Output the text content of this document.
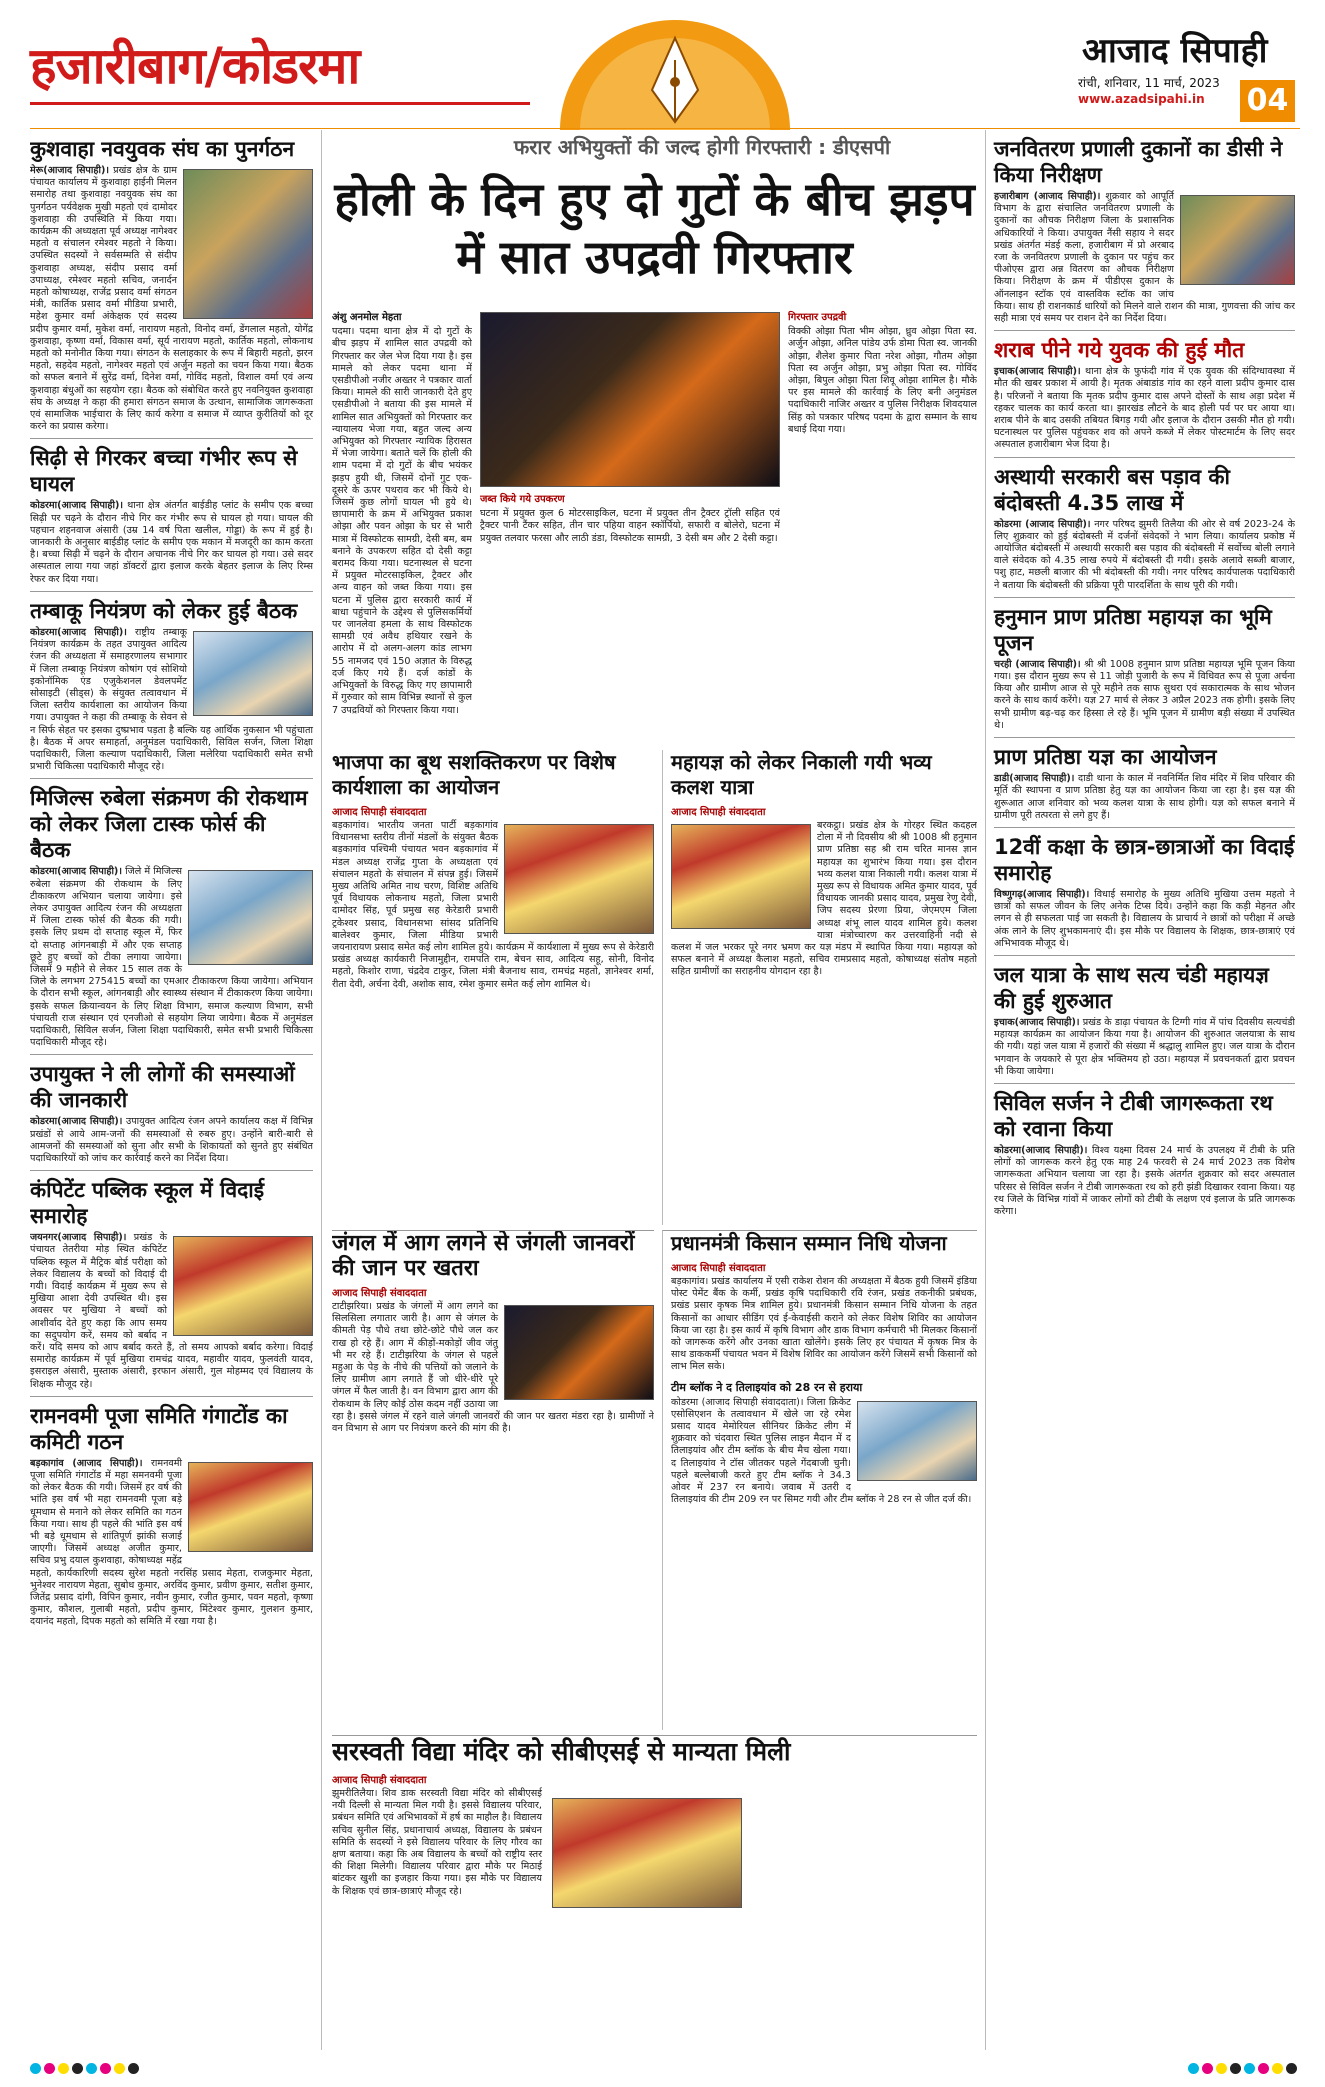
हजारीबाग/कोडरमा	आजाद सिपाही
रांची, शनिवार, 11 मार्च, 2023
www.azadsipahi.in 04
कुशवाहा नवयुवक संघ का पुनर्गठन

मेरू(आजाद सिपाही)। प्रखंड क्षेत्र के ग्राम पंचायत कार्यालय में कुशवाहा हाईनी मिलन समारोह तथा कुशवाहा नवयुवक संघ का पुनर्गठन पर्यवेक्षक मुखी महतो एवं दामोदर कुशवाहा की उपस्थिति में किया गया। कार्यक्रम की अध्यक्षता पूर्व अध्यक्ष नागेश्वर महतो व संचालन रमेश्वर महतो ने किया। उपस्थित सदस्यों ने सर्वसम्मति से संदीप कुशवाहा अध्यक्ष, संदीप प्रसाद वर्मा उपाध्यक्ष, रमेश्वर महतो सचिव, जनार्दन महतो कोषाध्यक्ष, राजेंद्र प्रसाद वर्मा संगठन मंत्री, कार्तिक प्रसाद वर्मा मीडिया प्रभारी, महेश कुमार वर्मा अंकेक्षक एवं सदस्य प्रदीप कुमार वर्मा, मुकेश वर्मा, नारायण महतो, विनोद वर्मा, डेंगलाल महतो, योगेंद्र कुशवाहा, कृष्णा वर्मा, विकास वर्मा, सूर्य नारायण महतो, कार्तिक महतो, लोकनाथ महतो को मनोनीत किया गया। संगठन के सलाहकार के रूप में बिहारी महतो, झरन महतो, सहदेव महतो, नागेश्वर महतो एवं अर्जुन महतो का चयन किया गया। बैठक को सफल बनाने में सुरेंद्र वर्मा, दिनेश वर्मा, गोविंद महतो, विशाल वर्मा एवं अन्य कुशवाहा बंधुओं का सहयोग रहा। बैठक को संबोधित करते हुए नवनियुक्त कुशवाहा संघ के अध्यक्ष ने कहा की हमारा संगठन समाज के उत्थान, सामाजिक जागरूकता एवं सामाजिक भाईचारा के लिए कार्य करेगा व समाज में व्याप्त कुरीतियों को दूर करने का प्रयास करेगा।

सिढ़ी से गिरकर बच्चा गंभीर रूप से घायल

कोडरमा(आजाद सिपाही)। थाना क्षेत्र अंतर्गत बाईडीह प्लांट के समीप एक बच्चा सिढ़ी पर चढ़ने के दौरान नीचे गिर कर गंभीर रूप से घायल हो गया। घायल की पहचान शहनवाज अंसारी (उम्र 14 वर्ष पिता खलील, गोड्डा) के रूप में हुई है। जानकारी के अनुसार बाईडीह प्लांट के समीप एक मकान में मजदूरी का काम करता है। बच्चा सिढ़ी में चढ़ने के दौरान अचानक नीचे गिर कर घायल हो गया। उसे सदर अस्पताल लाया गया जहां डॉक्टरों द्वारा इलाज करके बेहतर इलाज के लिए रिम्स रेफर कर दिया गया।

तम्बाकू नियंत्रण को लेकर हुई बैठक

कोडरमा(आजाद सिपाही)। राष्ट्रीय तम्बाकू नियंत्रण कार्यक्रम के तहत उपायुक्त आदित्य रंजन की अध्यक्षता में समाहरणालय सभागार में जिला तम्बाकू नियंत्रण कोषांग एवं सोशियो इकोनॉमिक एंड एजुकेशनल डेवलपमेंट सोसाइटी (सीड्स) के संयुक्त तत्वावधान में जिला स्तरीय कार्यशाला का आयोजन किया गया। उपायुक्त ने कहा की तम्बाकू के सेवन से न सिर्फ सेहत पर इसका दुष्प्रभाव पड़ता है बल्कि यह आर्थिक नुकसान भी पहुंचाता है। बैठक में अपर समाहर्ता, अनुमंडल पदाधिकारी, सिविल सर्जन, जिला शिक्षा पदाधिकारी, जिला कल्याण पदाधिकारी, जिला मलेरिया पदाधिकारी समेत सभी प्रभारी चिकित्सा पदाधिकारी मौजूद रहे।

मिजिल्स रुबेला संक्रमण की रोकथाम को लेकर जिला टास्क फोर्स की बैठक

कोडरमा(आजाद सिपाही)। जिले में मिजिल्स रुबेला संक्रमण की रोकथाम के लिए टीकाकरण अभियान चलाया जायेगा। इसे लेकर उपायुक्त आदित्य रंजन की अध्यक्षता में जिला टास्क फोर्स की बैठक की गयी। इसके लिए प्रथम दो सप्ताह स्कूल में, फिर दो सप्ताह आंगनबाड़ी में और एक सप्ताह छूटे हुए बच्चों को टीका लगाया जायेगा। जिसमें 9 महीने से लेकर 15 साल तक के जिले के लगभग 275415 बच्चों का एमआर टीकाकरण किया जायेगा। अभियान के दौरान सभी स्कूल, आंगनबाड़ी और स्वास्थ्य संस्थान में टीकाकरण किया जायेगा। इसके सफल क्रियान्वयन के लिए शिक्षा विभाग, समाज कल्याण विभाग, सभी पंचायती राज संस्थान एवं एनजीओ से सहयोग लिया जायेगा। बैठक में अनुमंडल पदाधिकारी, सिविल सर्जन, जिला शिक्षा पदाधिकारी, समेत सभी प्रभारी चिकित्सा पदाधिकारी मौजूद रहे।

उपायुक्त ने ली लोगों की समस्याओं की जानकारी

कोडरमा(आजाद सिपाही)। उपायुक्त आदित्य रंजन अपने कार्यालय कक्ष में विभिन्न प्रखंडों से आये आम-जनों की समस्याओं से रुबरु हुए। उन्होंने बारी-बारी से आमजनों की समस्याओं को सुना और सभी के शिकायतों को सुनते हुए संबंधित पदाधिकारियों को जांच कर कार्रवाई करने का निर्देश दिया।

कंपिटेंट पब्लिक स्कूल में विदाई समारोह

जयनगर(आजाद सिपाही)। प्रखंड के पंचायत तेतरीया मोड़ स्थित कंपिटेंट पब्लिक स्कूल में मैट्रिक बोर्ड परीक्षा को लेकर विद्यालय के बच्चों को विदाई दी गयी। विदाई कार्यक्रम में मुख्य रूप से मुखिया आशा देवी उपस्थित थी। इस अवसर पर मुखिया ने बच्चों को आशीर्वाद देते हुए कहा कि आप समय का सदुपयोग करें, समय को बर्बाद न करें। यदि समय को आप बर्बाद करते हैं, तो समय आपको बर्बाद करेगा। विदाई समारोह कार्यक्रम में पूर्व मुखिया रामचंद्र यादव, महावीर यादव, फुलवंती यादव, इसराइल अंसारी, मुस्ताक अंसारी, इरफान अंसारी, गुल मोहम्मद एवं विद्यालय के शिक्षक मौजूद रहे।

रामनवमी पूजा समिति गंगाटोंड का कमिटी गठन

बड़कागांव (आजाद सिपाही)। रामनवमी पूजा समिति गंगाटोंड में महा समनवमी पूजा को लेकर बैठक की गयी। जिसमें हर वर्ष की भांति इस वर्ष भी महा रामनवमी पूजा बड़े धूमधाम से मनाने को लेकर समिति का गठन किया गया। साथ ही पहले की भांति इस वर्ष भी बड़े धूमधाम से शांतिपूर्ण झांकी सजाई जाएगी। जिसमें अध्यक्ष अजीत कुमार, सचिव प्रभु दयाल कुशवाहा, कोषाध्यक्ष महेंद्र महतो, कार्यकारिणी सदस्य सुरेश महतो नरसिंह प्रसाद मेहता, राजकुमार मेहता, भुनेश्वर नारायण मेहता, सुबोध कुमार, अरविंद कुमार, प्रवीण कुमार, सतीश कुमार, जितेंद्र प्रसाद दांगी, विपिन कुमार, नवीन कुमार, रजीत कुमार, पवन महतो, कृष्णा कुमार, कौशल, गुलाबी महतो, प्रदीप कुमार, मिंटेश्वर कुमार, गुलशन कुमार, दयानंद महतो, दिपक महतो को समिति में रखा गया है।

फरार अभियुक्तों की जल्द होगी गिरफ्तारी : डीएसपी
होली के दिन हुए दो गुटों के बीच झड़प में सात उपद्रवी गिरफ्तार
अंशु अनमोल मेहता
पदमा। पदमा थाना क्षेत्र में दो गुटों के बीच झड़प में शामिल सात उपद्रवी को गिरफ्तार कर जेल भेज दिया गया है। इस मामले को लेकर पदमा थाना में एसडीपीओ नजीर अख्तर ने पत्रकार वार्ता किया। मामले की सारी जानकारी देते हुए एसडीपीओ ने बताया की इस मामले में शामिल सात अभियुक्तों को गिरफ्तार कर न्यायालय भेजा गया, बहुत जल्द अन्य अभियुक्त को गिरफ्तार न्यायिक हिरासत में भेजा जायेगा। बताते चलें कि होली की शाम पदमा में दो गुटों के बीच भयंकर झड़प हुयी थी, जिसमें दोनों गुट एक-दूसरे के ऊपर पथराव कर भी किये थे। जिसमें कुछ लोगों घायल भी हुये थे। छापामारी के क्रम में अभियुक्त प्रकाश ओझा और पवन ओझा के घर से भारी मात्रा में विस्फोटक सामग्री, देसी बम, बम बनाने के उपकरण सहित दो देसी कट्टा बरामद किया गया। घटनास्थल से घटना में प्रयुक्त मोटरसाइकिल, ट्रैक्टर और अन्य वाहन को जब्त किया गया। इस घटना में पुलिस द्वारा सरकारी कार्य में बाधा पहुंचाने के उद्देश्य से पुलिसकर्मियों पर जानलेवा हमला के साथ विस्फोटक सामग्री एवं अवैध हथियार रखने के आरोप में दो अलग-अलग कांड लाभग 55 नामजद एवं 150 अज्ञात के विरुद्ध दर्ज किए गये हैं। दर्ज कांडों के अभियुक्तों के विरुद्ध किए गए छापामारी में गुरुवार को साम विभिन्न स्थानों से कुल 7 उपद्रवियों को गिरफ्तार किया गया।
गिरफ्तार उपद्रवी
विक्की ओझा पिता भीम ओझा, ध्रुव ओझा पिता स्व. अर्जुन ओझा, अनिल पांडेय उर्फ डोमा पिता स्व. जानकी ओझा, शैलेश कुमार पिता नरेश ओझा, गौतम ओझा पिता स्व अर्जुन ओझा, प्रभु ओझा पिता स्व. गोविंद ओझा, बिपुल ओझा पिता शिवू ओझा शामिल है। मौके पर इस मामले की कार्रवाई के लिए बनी अनुमंडल पदाधिकारी नाजिर अख्तर व पुलिस निरीक्षक शिवदयाल सिंह को पत्रकार परिषद पदमा के द्वारा सम्मान के साथ बधाई दिया गया।
जब्त किये गये उपकरण
घटना में प्रयुक्त कुल 6 मोटरसाइकिल, घटना में प्रयुक्त तीन ट्रैक्टर ट्रॉली सहित एवं ट्रैक्टर पानी टैंकर सहित, तीन चार पहिया वाहन स्कॉर्पियो, सफारी व बोलेरो, घटना में प्रयुक्त तलवार फरसा और लाठी डंडा, विस्फोटक सामग्री, 3 देसी बम और 2 देसी कट्टा।
भाजपा का बूथ सशक्तिकरण पर विशेष कार्यशाला का आयोजन
आजाद सिपाही संवाददाता

बड़कागांव। भारतीय जनता पार्टी बड़कागांव विधानसभा स्तरीय तीनों मंडलों के संयुक्त बैठक बड़कागांव पश्चिमी पंचायत भवन बड़कागांव में मंडल अध्यक्ष राजेंद्र गुप्ता के अध्यक्षता एवं संचालन महतो के संचालन में संपन्न हुई। जिसमें मुख्य अतिथि अमित नाथ चरण, विशिष्ट अतिथि पूर्व विधायक लोकनाथ महतो, जिला प्रभारी दामोदर सिंह, पूर्व प्रमुख सह केरेडारी प्रभारी ट्रकेश्वर प्रसाद, विधानसभा सांसद प्रतिनिधि बालेश्वर कुमार, जिला मीडिया प्रभारी जयनारायण प्रसाद समेत कई लोग शामिल हुये। कार्यक्रम में कार्यशाला में मुख्य रूप से केरेडारी प्रखंड अध्यक्ष कार्यकारी निजामुद्दीन, रामपति राम, बेचन साव, आदित्य सहू, सोनी, विनोद महतो, किशोर राणा, चंद्रदेव टाकुर, जिला मंत्री बैजनाथ साव, रामचंद्र महतो, ज्ञानेश्वर शर्मा, रीता देवी, अर्चना देवी, अशोक साव, रमेश कुमार समेत कई लोग शामिल थे।

महायज्ञ को लेकर निकाली गयी भव्य कलश यात्रा
आजाद सिपाही संवाददाता

बरकट्ठा। प्रखंड क्षेत्र के गोरहर स्थित कदहल टोला में नौ दिवसीय श्री श्री 1008 श्री हनुमान प्राण प्रतिष्ठा सह श्री राम चरित मानस ज्ञान महायज्ञ का शुभारंभ किया गया। इस दौरान भव्य कलश यात्रा निकाली गयी। कलश यात्रा में मुख्य रूप से विधायक अमित कुमार यादव, पूर्व विधायक जानकी प्रसाद यादव, प्रमुख रेणु देवी, जिप सदस्य प्रेरणा प्रिया, जेएमएम जिला अध्यक्ष शंभू लाल यादव शामिल हुये। कलश यात्रा मंत्रोच्चारण कर उत्तरवाहिनी नदी से कलश में जल भरकर पूरे नगर भ्रमण कर यज्ञ मंडप में स्थापित किया गया। महायज्ञ को सफल बनाने में अध्यक्ष कैलाश महतो, सचिव रामप्रसाद महतो, कोषाध्यक्ष संतोष महतो सहित ग्रामीणों का सराहनीय योगदान रहा है।

जंगल में आग लगने से जंगली जानवरों की जान पर खतरा
आजाद सिपाही संवाददाता

टाटीझरिया। प्रखंड के जंगलों में आग लगने का सिलसिला लगातार जारी है। आग से जंगल के कीमती पेड़ पौधे तथा छोटे-छोटे पौधे जल कर राख हो रहे हैं। आग में कीड़ों-मकोड़ों जीव जंतु भी मर रहे हैं। टाटीझरिया के जंगल से पहले महुआ के पेड़ के नीचे की पत्तियों को जलाने के लिए ग्रामीण आग लगाते हैं जो धीरे-धीरे पूरे जंगल में फैल जाती है। वन विभाग द्वारा आग की रोकथाम के लिए कोई ठोस कदम नहीं उठाया जा रहा है। इससे जंगल में रहने वाले जंगली जानवरों की जान पर खतरा मंडरा रहा है। ग्रामीणों ने वन विभाग से आग पर नियंत्रण करने की मांग की है।

प्रधानमंत्री किसान सम्मान निधि योजना
आजाद सिपाही संवाददाता

बड़कागांव। प्रखंड कार्यालय में एसी राकेश रोशन की अध्यक्षता में बैठक हुयी जिसमें इंडिया पोस्ट पेमेंट बैंक के कर्मी, प्रखंड कृषि पदाधिकारी रवि रंजन, प्रखंड तकनीकी प्रबंधक, प्रखंड प्रसार कृषक मित्र शामिल हुये। प्रधानमंत्री किसान सम्मान निधि योजना के तहत किसानों का आधार सीडिंग एवं ई-केवाईसी कराने को लेकर विशेष शिविर का आयोजन किया जा रहा है। इस कार्य में कृषि विभाग और डाक विभाग कर्मचारी भी मिलकर किसानों को जागरूक करेंगे और उनका खाता खोलेंगे। इसके लिए हर पंचायत में कृषक मित्र के साथ डाककर्मी पंचायत भवन में विशेष शिविर का आयोजन करेंगे जिसमें सभी किसानों को लाभ मिल सके।

टीम ब्लॉक ने द तिलाइयांव को 28 रन से हराया

कोडरमा (आजाद सिपाही संवाददाता)। जिला क्रिकेट एसोसिएशन के तत्वावधान में खेले जा रहे रमेश प्रसाद यादव मेमोरियल सीनियर क्रिकेट लीग में शुक्रवार को चंदवारा स्थित पुलिस लाइन मैदान में द तिलाइयांव और टीम ब्लॉक के बीच मैच खेला गया। द तिलाइयांव ने टॉस जीतकर पहले गेंदबाजी चुनी। पहले बल्लेबाजी करते हुए टीम ब्लॉक ने 34.3 ओवर में 237 रन बनाये। जवाब में उतरी द तिलाइयांव की टीम 209 रन पर सिमट गयी और टीम ब्लॉक ने 28 रन से जीत दर्ज की।

सरस्वती विद्या मंदिर को सीबीएसई से मान्यता मिली
आजाद सिपाही संवाददाता

झुमरीतिलैया। शिव डाक सरस्वती विद्या मंदिर को सीबीएसई नयी दिल्ली से मान्यता मिल गयी है। इससे विद्यालय परिवार, प्रबंधन समिति एवं अभिभावकों में हर्ष का माहौल है। विद्यालय सचिव सुनील सिंह, प्रधानाचार्य अध्यक्ष, विद्यालय के प्रबंधन समिति के सदस्यों ने इसे विद्यालय परिवार के लिए गौरव का क्षण बताया। कहा कि अब विद्यालय के बच्चों को राष्ट्रीय स्तर की शिक्षा मिलेगी। विद्यालय परिवार द्वारा मौके पर मिठाई बांटकर खुशी का इजहार किया गया। इस मौके पर विद्यालय के शिक्षक एवं छात्र-छात्राएं मौजूद रहे।

जनवितरण प्रणाली दुकानों का डीसी ने किया निरीक्षण

हजारीबाग (आजाद सिपाही)। शुक्रवार को आपूर्ति विभाग के द्वारा संचालित जनवितरण प्रणाली के दुकानों का औचक निरीक्षण जिला के प्रशासनिक अधिकारियों ने किया। उपायुक्त नैंसी सहाय ने सदर प्रखंड अंतर्गत मंडई कला, हजारीबाग में प्रो अरबाद रजा के जनवितरण प्रणाली के दुकान पर पहुंच कर पीओएस द्वारा अन्न वितरण का औचक निरीक्षण किया। निरीक्षण के क्रम में पीडीएस दुकान के ऑनलाइन स्टॉक एवं वास्तविक स्टॉक का जांच किया। साथ ही राशनकार्ड धारियों को मिलने वाले राशन की मात्रा, गुणवत्ता की जांच कर सही मात्रा एवं समय पर राशन देने का निर्देश दिया।

शराब पीने गये युवक की हुई मौत

इचाक(आजाद सिपाही)। थाना क्षेत्र के फुफंदी गांव में एक युवक की संदिग्धावस्था में मौत की खबर प्रकाश में आयी है। मृतक अंबाडांड गांव का रहने वाला प्रदीप कुमार दास है। परिजनों ने बताया कि मृतक प्रदीप कुमार दास अपने दोस्तों के साथ अड़ा प्रदेश में रहकर चालक का कार्य करता था। झारखंड लौटने के बाद होली पर्व पर घर आया था। शराब पीने के बाद उसकी तबियत बिगड़ गयी और इलाज के दौरान उसकी मौत हो गयी। घटनास्थल पर पुलिस पहुंचकर शव को अपने कब्जे में लेकर पोस्टमार्टम के लिए सदर अस्पताल हजारीबाग भेज दिया है।

अस्थायी सरकारी बस पड़ाव की बंदोबस्ती 4.35 लाख में

कोडरमा (आजाद सिपाही)। नगर परिषद झुमरी तिलैया की ओर से वर्ष 2023-24 के लिए शुक्रवार को हुई बंदोबस्ती में दर्जनों संवेदकों ने भाग लिया। कार्यालय प्रकोष्ठ में आयोजित बंदोबस्ती में अस्थायी सरकारी बस पड़ाव की बंदोबस्ती में सर्वोच्च बोली लगाने वाले संवेदक को 4.35 लाख रुपये में बंदोबस्ती दी गयी। इसके अलावे सब्जी बाजार, पशु हाट, मछली बाजार की भी बंदोबस्ती की गयी। नगर परिषद कार्यपालक पदाधिकारी ने बताया कि बंदोबस्ती की प्रक्रिया पूरी पारदर्शिता के साथ पूरी की गयी।

हनुमान प्राण प्रतिष्ठा महायज्ञ का भूमि पूजन

चरही (आजाद सिपाही)। श्री श्री 1008 हनुमान प्राण प्रतिष्ठा महायज्ञ भूमि पूजन किया गया। इस दौरान मुख्य रूप से 11 जोड़ी पुजारी के रूप में विधिवत रूप से पूजा अर्चना किया और ग्रामीण आज से पूरे महीने तक साफ सुथरा एवं सकारात्मक के साथ भोजन करने के साथ कार्य करेंगे। यज्ञ 27 मार्च से लेकर 3 अप्रैल 2023 तक होगी। इसके लिए सभी ग्रामीण बढ़-चढ़ कर हिस्सा ले रहे हैं। भूमि पूजन में ग्रामीण बड़ी संख्या में उपस्थित थे।

प्राण प्रतिष्ठा यज्ञ का आयोजन

डाडी(आजाद सिपाही)। दाडी थाना के काल में नवनिर्मित शिव मंदिर में शिव परिवार की मूर्ति की स्थापना व प्राण प्रतिष्ठा हेतु यज्ञ का आयोजन किया जा रहा है। इस यज्ञ की शुरूआत आज शनिवार को भव्य कलश यात्रा के साथ होगी। यज्ञ को सफल बनाने में ग्रामीण पूरी तत्परता से लगे हुए हैं।

12वीं कक्षा के छात्र-छात्राओं का विदाई समारोह

विष्णुगढ़(आजाद सिपाही)। विधाई समारोह के मुख्य अतिथि मुखिया उत्तम महतो ने छात्रों को सफल जीवन के लिए अनेक टिप्स दिये। उन्होंने कहा कि कड़ी मेहनत और लगन से ही सफलता पाई जा सकती है। विद्यालय के प्राचार्य ने छात्रों को परीक्षा में अच्छे अंक लाने के लिए शुभकामनाएं दी। इस मौके पर विद्यालय के शिक्षक, छात्र-छात्राएं एवं अभिभावक मौजूद थे।

जल यात्रा के साथ सत्य चंडी महायज्ञ की हुई शुरुआत

इचाक(आजाद सिपाही)। प्रखंड के डाढ़ा पंचायत के टिग्गी गांव में पांच दिवसीय सत्यचंडी महायज्ञ कार्यक्रम का आयोजन किया गया है। आयोजन की शुरुआत जलयात्रा के साथ की गयी। यहां जल यात्रा में हजारों की संख्या में श्रद्धालु शामिल हुए। जल यात्रा के दौरान भगवान के जयकारे से पूरा क्षेत्र भक्तिमय हो उठा। महायज्ञ में प्रवचनकर्ता द्वारा प्रवचन भी किया जायेगा।

सिविल सर्जन ने टीबी जागरूकता रथ को रवाना किया

कोडरमा(आजाद सिपाही)। विश्व यक्ष्मा दिवस 24 मार्च के उपलक्ष्य में टीबी के प्रति लोगों को जागरूक करने हेतु एक माह 24 फरवरी से 24 मार्च 2023 तक विशेष जागरूकता अभियान चलाया जा रहा है। इसके अंतर्गत शुक्रवार को सदर अस्पताल परिसर से सिविल सर्जन ने टीबी जागरूकता रथ को हरी झंडी दिखाकर रवाना किया। यह रथ जिले के विभिन्न गांवों में जाकर लोगों को टीबी के लक्षण एवं इलाज के प्रति जागरूक करेगा।
